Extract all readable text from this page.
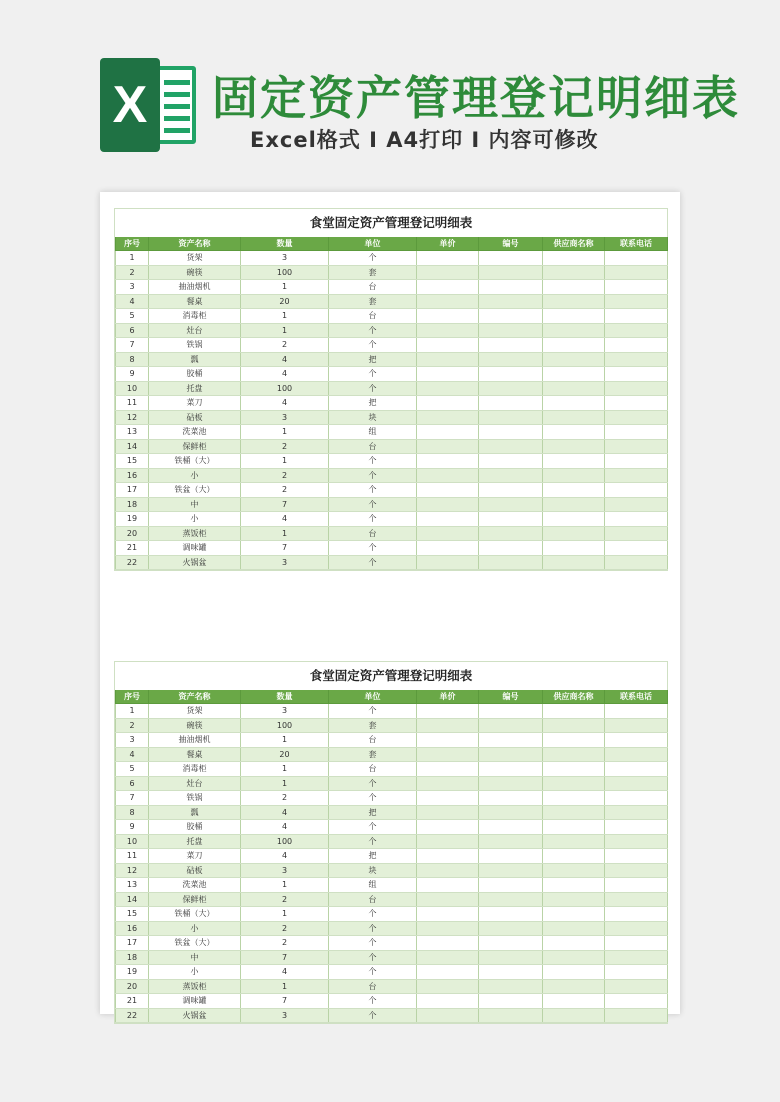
X 固定资产管理登记明细表
Excel格式 I A4打印 I 内容可修改
食堂固定资产管理登记明细表
序号	资产名称	数量	单位	单价	编号	供应商名称	联系电话
1	货架	3	个				
2	碗筷	100	套				
3	抽油烟机	1	台				
4	餐桌	20	套				
5	消毒柜	1	台				
6	灶台	1	个				
7	铁锅	2	个				
8	瓢	4	把				
9	胶桶	4	个				
10	托盘	100	个				
11	菜刀	4	把				
12	砧板	3	块				
13	洗菜池	1	组				
14	保鲜柜	2	台				
15	铁桶（大）	1	个				
16	小	2	个				
17	铁盆（大）	2	个				
18	中	7	个				
19	小	4	个				
20	蒸饭柜	1	台				
21	调味罐	7	个				
22	火锅盆	3	个				
食堂固定资产管理登记明细表
序号	资产名称	数量	单位	单价	编号	供应商名称	联系电话
1	货架	3	个				
2	碗筷	100	套				
3	抽油烟机	1	台				
4	餐桌	20	套				
5	消毒柜	1	台				
6	灶台	1	个				
7	铁锅	2	个				
8	瓢	4	把				
9	胶桶	4	个				
10	托盘	100	个				
11	菜刀	4	把				
12	砧板	3	块				
13	洗菜池	1	组				
14	保鲜柜	2	台				
15	铁桶（大）	1	个				
16	小	2	个				
17	铁盆（大）	2	个				
18	中	7	个				
19	小	4	个				
20	蒸饭柜	1	台				
21	调味罐	7	个				
22	火锅盆	3	个				
